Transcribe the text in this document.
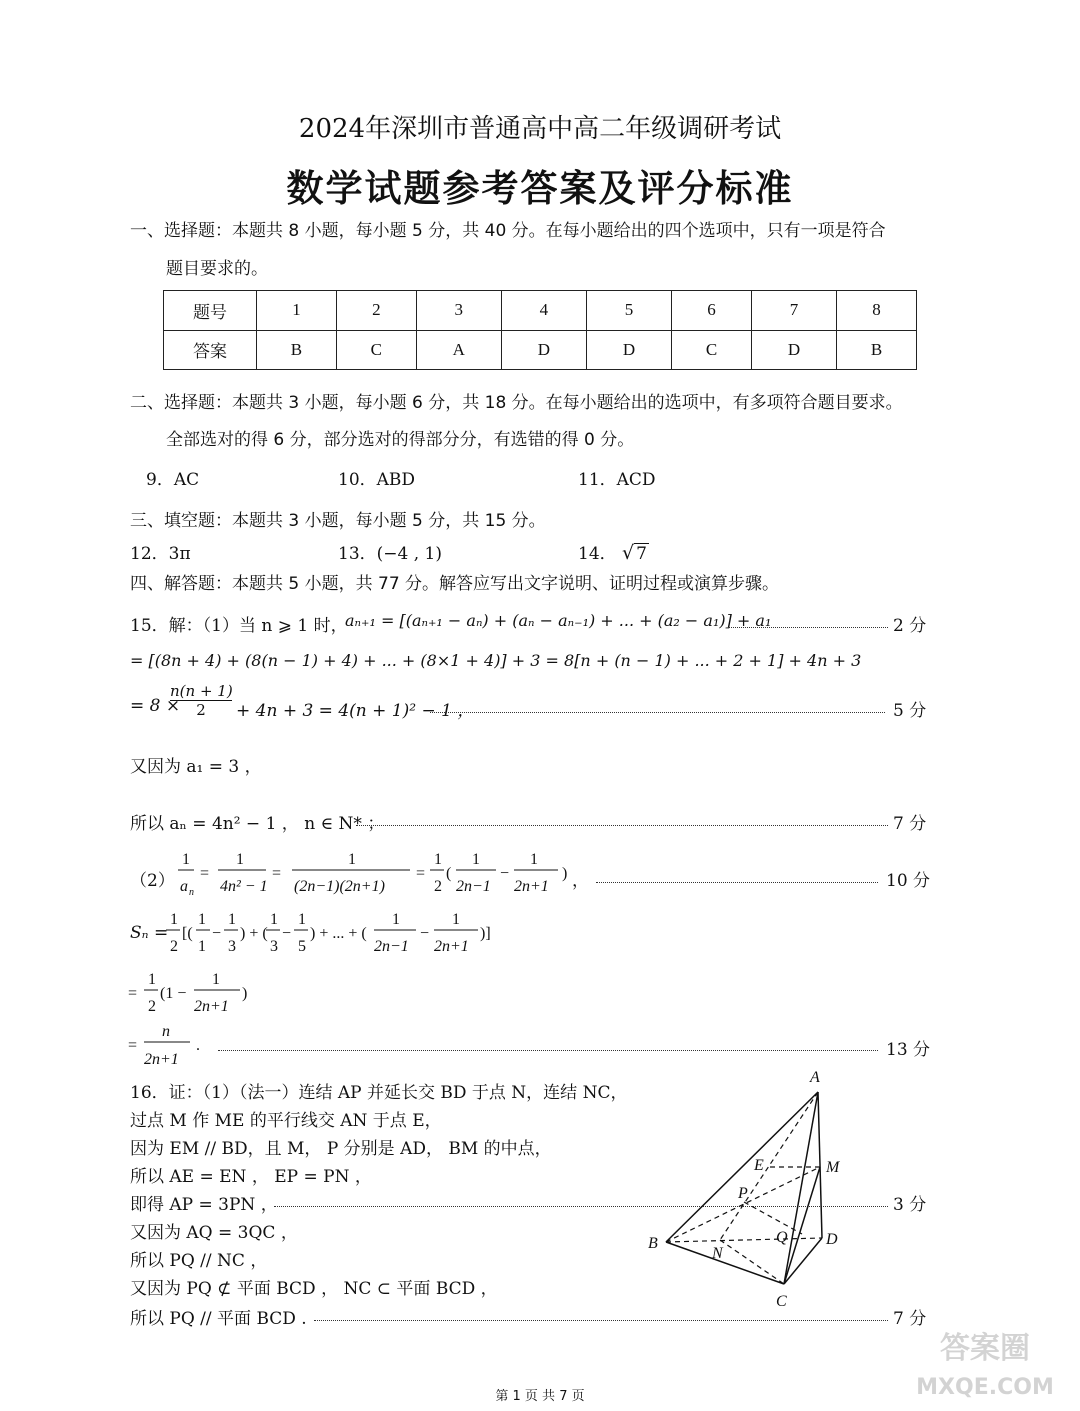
2024年深圳市普通高中高二年级调研考试
数学试题参考答案及评分标准
一、选择题：本题共 8 小题，每小题 5 分，共 40 分。在每小题给出的四个选项中，只有一项是符合
题目要求的。
题号	1	2	3	4	5	6	7	8
答案	B	C	A	D	D	C	D	B
二、选择题：本题共 3 小题，每小题 6 分，共 18 分。在每小题给出的选项中，有多项符合题目要求。
全部选对的得 6 分，部分选对的得部分分，有选错的得 0 分。
9．AC	10．ABD	11．ACD
三、填空题：本题共 3 小题，每小题 5 分，共 15 分。
12．3π	13．(−4 , 1)	14． √ 7
四、解答题：本题共 5 小题，共 77 分。解答应写出文字说明、证明过程或演算步骤。
15．解：（1）当 n ⩾ 1 时，
aₙ₊₁ = [(aₙ₊₁ − aₙ) + (aₙ − aₙ₋₁) + ... + (a₂ − a₁)] + a₁	2 分
= [(8n + 4) + (8(n − 1) + 4) + ... + (8×1 + 4)] + 3 = 8[n + (n − 1) + ... + 2 + 1] + 4n + 3
= 8 ×
$\frac{n(n + 1)}{2} + 4n + 3 = 4(n + 1)^2 - 1$ ，	5 分
又因为 a₁ = 3 ，
所以 aₙ = 4n² − 1 ， n ∈ N* ；	7 分
（2）
1
a n
=
1
4n² − 1
=
1
(2n−1)(2n+1)
=
1
2
(
1
2n−1
−
1
2n+1
) ，	10 分
Sₙ =
1
2
[(
1
1
−
1
3
) + (
1
3
−
1
5
) + ... + (
1
2n−1
−
1
2n+1
)]
=
1
2
(1 −
1
2n+1
)
=
n
2n+1
.	13 分
16．证：（1）（法一）连结 AP 并延长交 BD 于点 N，连结 NC，
过点 M 作 ME 的平行线交 AN 于点 E，
因为 EM // BD，且 M， P 分别是 AD， BM 的中点，
所以 AE = EN ， EP = PN ，
即得 AP = 3PN ，	3 分
又因为 AQ = 3QC ，
所以 PQ // NC ，
又因为 PQ ⊄ 平面 BCD ， NC ⊂ 平面 BCD ，
所以 PQ // 平面 BCD .	7 分
A
M
E
P
Q
B
N
D
C
第 1 页 共 7 页
答案圈
MXQE.COM
